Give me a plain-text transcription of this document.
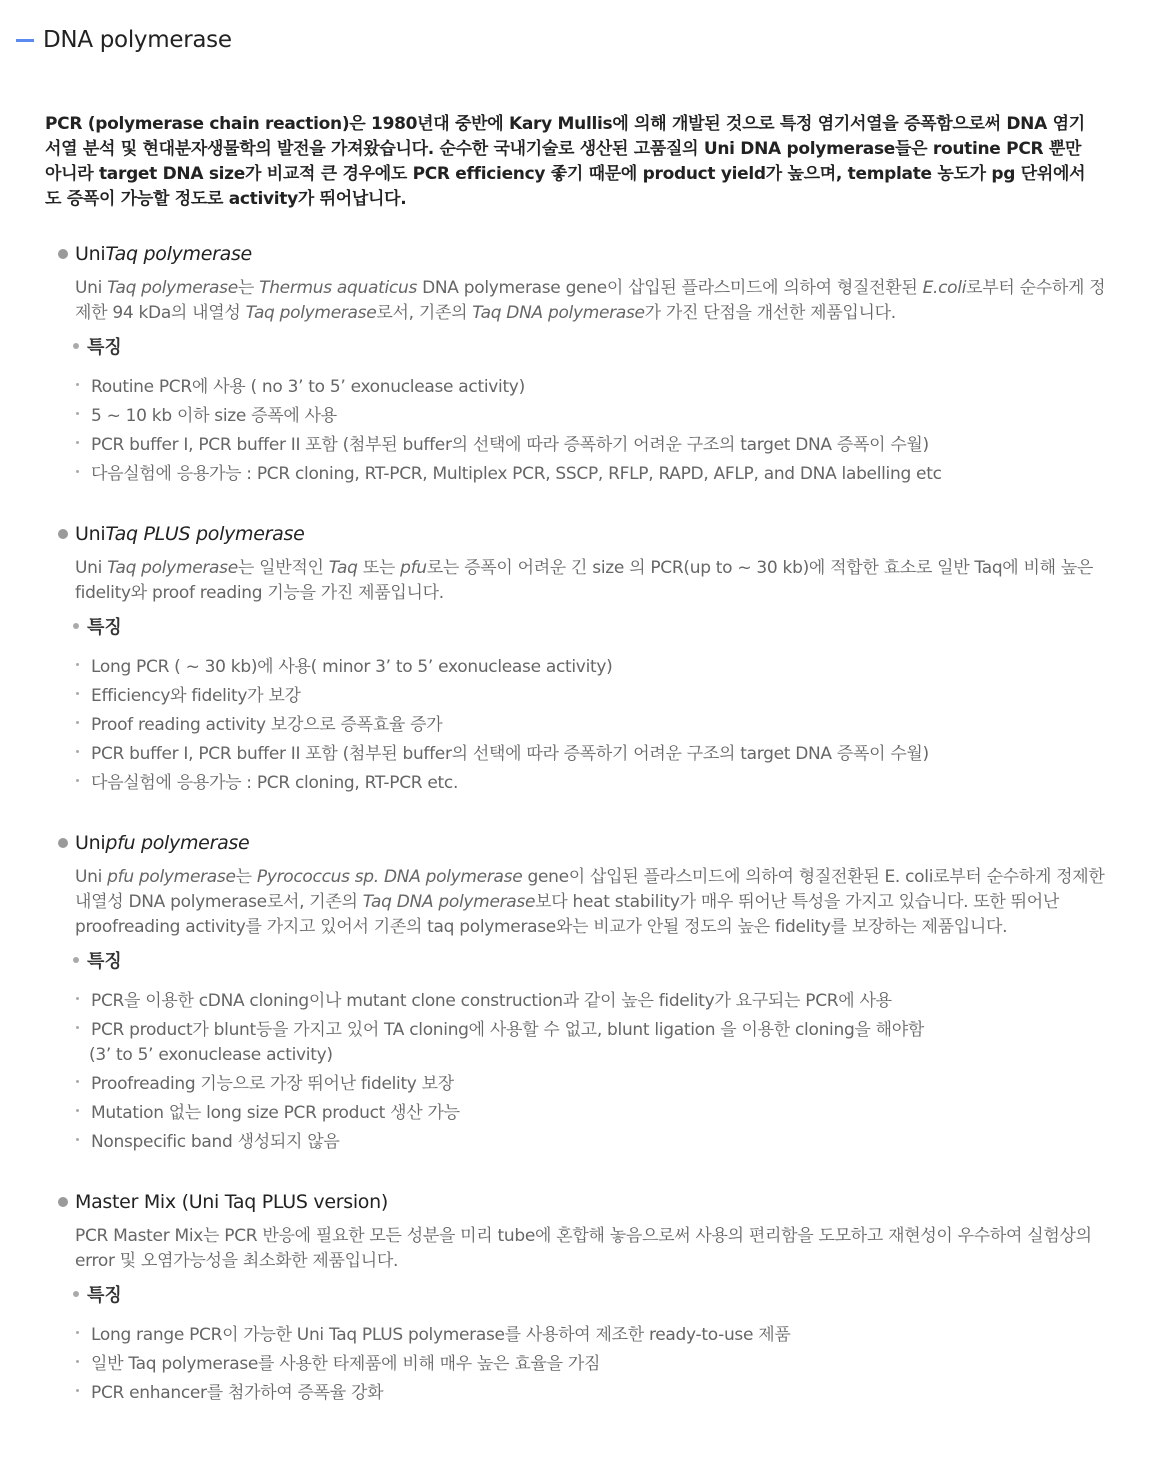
DNA polymerase
PCR (polymerase chain reaction)은 1980년대 중반에 Kary Mullis에 의해 개발된 것으로 특정 염기서열을 증폭함으로써 DNA 염기서열 분석 및 현대분자생물학의 발전을 가져왔습니다. 순수한 국내기술로 생산된 고품질의 Uni DNA polymerase들은 routine PCR 뿐만 아니라 target DNA size가 비교적 큰 경우에도 PCR efficiency 좋기 때문에 product yield가 높으며, template 농도가 pg 단위에서도 증폭이 가능할 정도로 activity가 뛰어납니다.
Uni Taq polymerase
Uni Taq polymerase는 Thermus aquaticus DNA polymerase gene이 삽입된 플라스미드에 의하여 형질전환된 E.coli로부터 순수하게 정제한 94 kDa의 내열성 Taq polymerase로서, 기존의 Taq DNA polymerase가 가진 단점을 개선한 제품입니다.
특징
Routine PCR에 사용 ( no 3’ to 5’ exonuclease activity)
5 ~ 10 kb 이하 size 증폭에 사용
PCR buffer I, PCR buffer II 포함 (첨부된 buffer의 선택에 따라 증폭하기 어려운 구조의 target DNA 증폭이 수월)
다음실험에 응용가능 : PCR cloning, RT-PCR, Multiplex PCR, SSCP, RFLP, RAPD, AFLP, and DNA labelling etc
Uni Taq PLUS polymerase
Uni Taq polymerase는 일반적인 Taq 또는 pfu로는 증폭이 어려운 긴 size 의 PCR(up to ~ 30 kb)에 적합한 효소로 일반 Taq에 비해 높은 fidelity와 proof reading 기능을 가진 제품입니다.
특징
Long PCR ( ~ 30 kb)에 사용( minor 3’ to 5’ exonuclease activity)
Efficiency와 fidelity가 보강
Proof reading activity 보강으로 증폭효율 증가
PCR buffer I, PCR buffer II 포함 (첨부된 buffer의 선택에 따라 증폭하기 어려운 구조의 target DNA 증폭이 수월)
다음실험에 응용가능 : PCR cloning, RT-PCR etc.
Uni pfu polymerase
Uni pfu polymerase는 Pyrococcus sp. DNA polymerase gene이 삽입된 플라스미드에 의하여 형질전환된 E. coli로부터 순수하게 정제한 내열성 DNA polymerase로서, 기존의 Taq DNA polymerase보다 heat stability가 매우 뛰어난 특성을 가지고 있습니다. 또한 뛰어난 proofreading activity를 가지고 있어서 기존의 taq polymerase와는 비교가 안될 정도의 높은 fidelity를 보장하는 제품입니다.
특징
PCR을 이용한 cDNA cloning이나 mutant clone construction과 같이 높은 fidelity가 요구되는 PCR에 사용
PCR product가 blunt등을 가지고 있어 TA cloning에 사용할 수 없고, blunt ligation 을 이용한 cloning을 해야함
(3’ to 5’ exonuclease activity)
Proofreading 기능으로 가장 뛰어난 fidelity 보장
Mutation 없는 long size PCR product 생산 가능
Nonspecific band 생성되지 않음
Master Mix (Uni Taq PLUS version)
PCR Master Mix는 PCR 반응에 필요한 모든 성분을 미리 tube에 혼합해 놓음으로써 사용의 편리함을 도모하고 재현성이 우수하여 실험상의 error 및 오염가능성을 최소화한 제품입니다.
특징
Long range PCR이 가능한 Uni Taq PLUS polymerase를 사용하여 제조한 ready-to-use 제품
일반 Taq polymerase를 사용한 타제품에 비해 매우 높은 효율을 가짐
PCR enhancer를 첨가하여 증폭율 강화
